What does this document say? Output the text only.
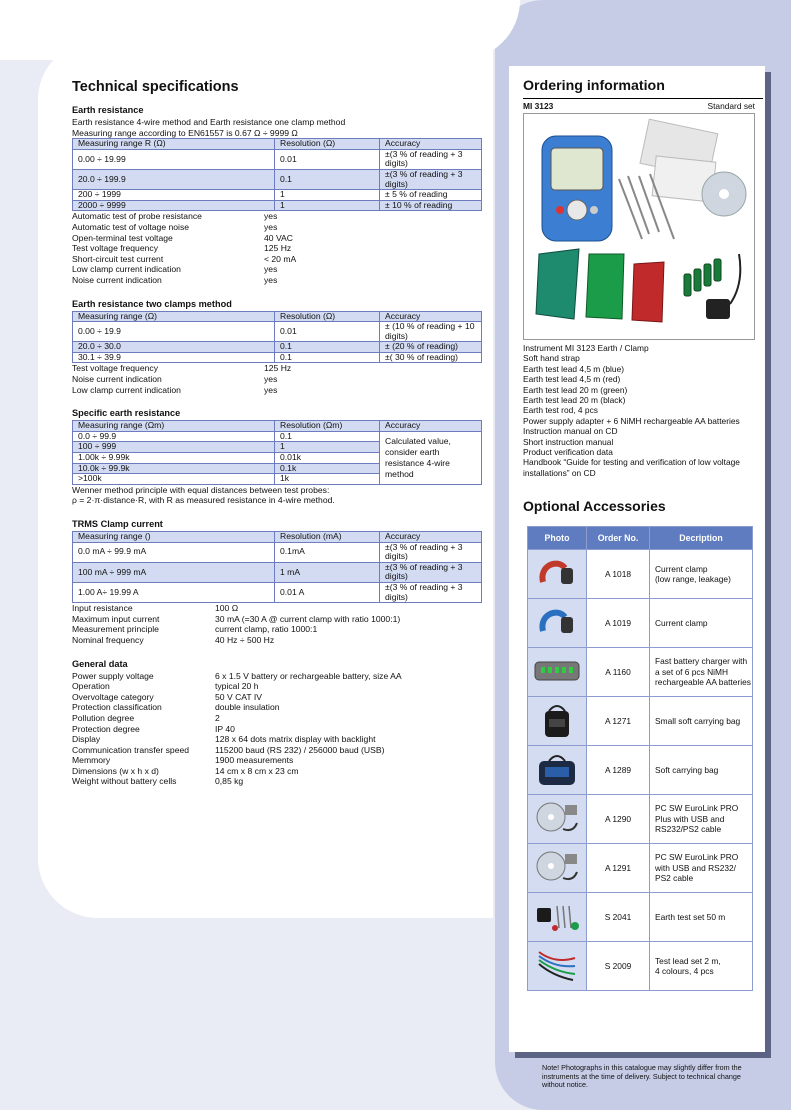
Technical specifications
Earth resistance

Earth resistance 4-wire method and Earth resistance one clamp method

Measuring range according to EN61557 is 0.67 Ω ÷ 9999 Ω

Measuring range R (Ω)	Resolution (Ω)	Accuracy
0.00 ÷ 19.99	0.01	±(3 % of reading + 3 digits)
20.0 ÷ 199.9	0.1	±(3 % of reading + 3 digits)
200 ÷ 1999	1	± 5 % of reading
2000 ÷ 9999	1	± 10 % of reading
Automatic test of probe resistance	yes
Automatic test of voltage noise	yes
Open-terminal test voltage	40 VAC
Test voltage frequency	125 Hz
Short-circuit test current	< 20 mA
Low clamp current indication	yes
Noise current indication	yes
Earth resistance two clamps method
Measuring range (Ω)	Resolution (Ω)	Accuracy
0.00 ÷ 19.9	0.01	± (10 % of reading + 10 digits)
20.0 ÷ 30.0	0.1	± (20 % of reading)
30.1 ÷ 39.9	0.1	±( 30 % of reading)
Test voltage frequency	125 Hz
Noise current indication	yes
Low clamp current indication	yes
Specific earth resistance
Measuring range (Ωm)	Resolution (Ωm)	Accuracy
0.0 ÷ 99.9	0.1	Calculated value, consider earth resistance 4-wire method
100 ÷ 999	1	
1.00k ÷ 9.99k	0.01k	
10.0k ÷ 99.9k	0.1k	
>100k	1k	

Wenner method principle with equal distances between test probes:

ρ = 2·π·distance·R, with R as measured resistance in 4-wire method.

TRMS Clamp current
Measuring range ()	Resolution (mA)	Accuracy
0.0 mA ÷ 99.9 mA	0.1mA	±(3 % of reading + 3 digits)
100 mA ÷ 999 mA	1 mA	±(3 % of reading + 3 digits)
1.00 A÷ 19.99 A	0.01 A	±(3 % of reading + 3 digits)
Input resistance	100 Ω
Maximum input current	30 mA (=30 A @ current clamp with ratio 1000:1)
Measurement principle	current clamp, ratio 1000:1
Nominal frequency	40 Hz ÷ 500 Hz
General data
Power supply voltage	6 x 1.5 V battery or rechargeable battery, size AA
Operation	typical 20 h
Overvoltage category	50 V CAT IV
Protection classification	double insulation
Pollution degree	2
Protection degree	IP 40
Display	128 x 64 dots matrix display with backlight
Communication transfer speed	115200 baud (RS 232) / 256000 baud (USB)
Memmory	1900 measurements
Dimensions (w x h x d)	14 cm x 8 cm x 23 cm
Weight without battery cells	0,85 kg
Ordering information
MI 3123	Standard set
Instrument MI 3123 Earth / Clamp
Soft hand strap
Earth test lead 4,5 m (blue)
Earth test lead 4,5 m (red)
Earth test lead 20 m (green)
Earth test lead 20 m (black)
Earth test rod, 4 pcs
Power supply adapter + 6 NiMH rechargeable AA batteries
Instruction manual on CD
Short instruction manual
Product verification data
Handbook “Guide for testing and verification of low voltage installations” on CD
Optional Accessories
Photo	Order No.	Decription
	A 1018	Current clamp
(low range, leakage)
	A 1019	Current clamp
	A 1160	Fast battery charger with a set of 6 pcs NiMH rechargeable AA batteries
	A 1271	Small soft carrying bag
	A 1289	Soft carrying bag
	A 1290	PC SW EuroLink PRO Plus with USB and RS232/PS2 cable
	A 1291	PC SW EuroLink PRO with USB and RS232/ PS2 cable
	S 2041	Earth test set 50 m
	S 2009	Test lead set 2 m,
4 colours, 4 pcs
Note! Photographs in this catalogue may slightly differ from the instruments at the time of delivery. Subject to technical change without notice.
